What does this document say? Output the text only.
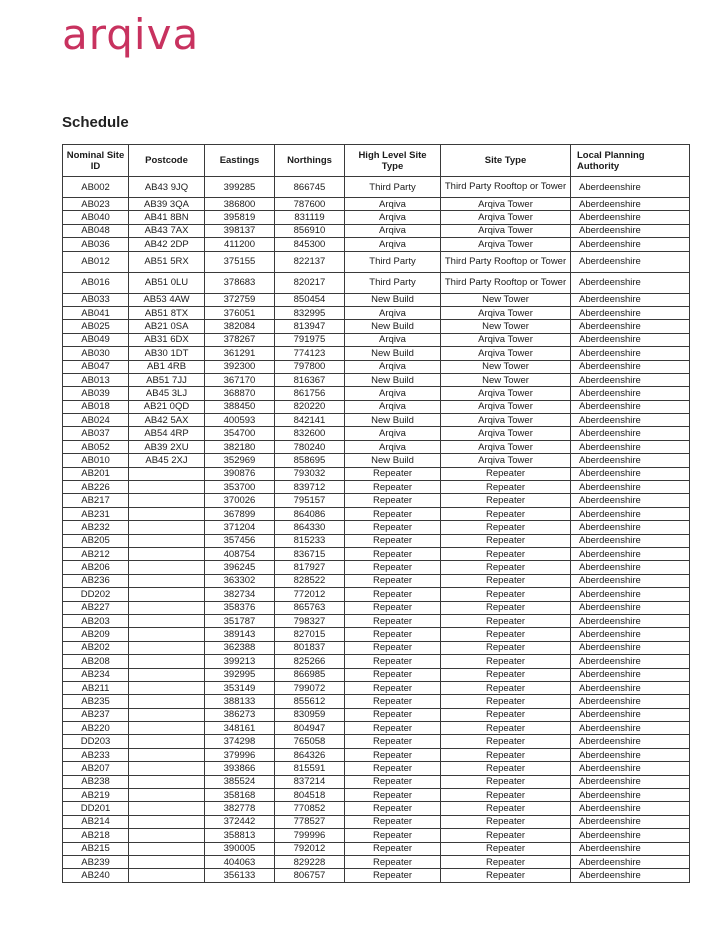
arqiva
Schedule
Nominal Site ID	Postcode	Eastings	Northings	High Level Site Type	Site Type	Local Planning Authority
AB002	AB43 9JQ	399285	866745	Third Party	Third Party Rooftop or Tower	Aberdeenshire
AB023	AB39 3QA	386800	787600	Arqiva	Arqiva Tower	Aberdeenshire
AB040	AB41 8BN	395819	831119	Arqiva	Arqiva Tower	Aberdeenshire
AB048	AB43 7AX	398137	856910	Arqiva	Arqiva Tower	Aberdeenshire
AB036	AB42 2DP	411200	845300	Arqiva	Arqiva Tower	Aberdeenshire
AB012	AB51 5RX	375155	822137	Third Party	Third Party Rooftop or Tower	Aberdeenshire
AB016	AB51 0LU	378683	820217	Third Party	Third Party Rooftop or Tower	Aberdeenshire
AB033	AB53 4AW	372759	850454	New Build	New Tower	Aberdeenshire
AB041	AB51 8TX	376051	832995	Arqiva	Arqiva Tower	Aberdeenshire
AB025	AB21 0SA	382084	813947	New Build	New Tower	Aberdeenshire
AB049	AB31 6DX	378267	791975	Arqiva	Arqiva Tower	Aberdeenshire
AB030	AB30 1DT	361291	774123	New Build	Arqiva Tower	Aberdeenshire
AB047	AB1 4RB	392300	797800	Arqiva	New Tower	Aberdeenshire
AB013	AB51 7JJ	367170	816367	New Build	New Tower	Aberdeenshire
AB039	AB45 3LJ	368870	861756	Arqiva	Arqiva Tower	Aberdeenshire
AB018	AB21 0QD	388450	820220	Arqiva	Arqiva Tower	Aberdeenshire
AB024	AB42 5AX	400593	842141	New Build	Arqiva Tower	Aberdeenshire
AB037	AB54 4RP	354700	832600	Arqiva	Arqiva Tower	Aberdeenshire
AB052	AB39 2XU	382180	780240	Arqiva	Arqiva Tower	Aberdeenshire
AB010	AB45 2XJ	352969	858695	New Build	Arqiva Tower	Aberdeenshire
AB201		390876	793032	Repeater	Repeater	Aberdeenshire
AB226		353700	839712	Repeater	Repeater	Aberdeenshire
AB217		370026	795157	Repeater	Repeater	Aberdeenshire
AB231		367899	864086	Repeater	Repeater	Aberdeenshire
AB232		371204	864330	Repeater	Repeater	Aberdeenshire
AB205		357456	815233	Repeater	Repeater	Aberdeenshire
AB212		408754	836715	Repeater	Repeater	Aberdeenshire
AB206		396245	817927	Repeater	Repeater	Aberdeenshire
AB236		363302	828522	Repeater	Repeater	Aberdeenshire
DD202		382734	772012	Repeater	Repeater	Aberdeenshire
AB227		358376	865763	Repeater	Repeater	Aberdeenshire
AB203		351787	798327	Repeater	Repeater	Aberdeenshire
AB209		389143	827015	Repeater	Repeater	Aberdeenshire
AB202		362388	801837	Repeater	Repeater	Aberdeenshire
AB208		399213	825266	Repeater	Repeater	Aberdeenshire
AB234		392995	866985	Repeater	Repeater	Aberdeenshire
AB211		353149	799072	Repeater	Repeater	Aberdeenshire
AB235		388133	855612	Repeater	Repeater	Aberdeenshire
AB237		386273	830959	Repeater	Repeater	Aberdeenshire
AB220		348161	804947	Repeater	Repeater	Aberdeenshire
DD203		374298	765058	Repeater	Repeater	Aberdeenshire
AB233		379996	864326	Repeater	Repeater	Aberdeenshire
AB207		393866	815591	Repeater	Repeater	Aberdeenshire
AB238		385524	837214	Repeater	Repeater	Aberdeenshire
AB219		358168	804518	Repeater	Repeater	Aberdeenshire
DD201		382778	770852	Repeater	Repeater	Aberdeenshire
AB214		372442	778527	Repeater	Repeater	Aberdeenshire
AB218		358813	799996	Repeater	Repeater	Aberdeenshire
AB215		390005	792012	Repeater	Repeater	Aberdeenshire
AB239		404063	829228	Repeater	Repeater	Aberdeenshire
AB240		356133	806757	Repeater	Repeater	Aberdeenshire
